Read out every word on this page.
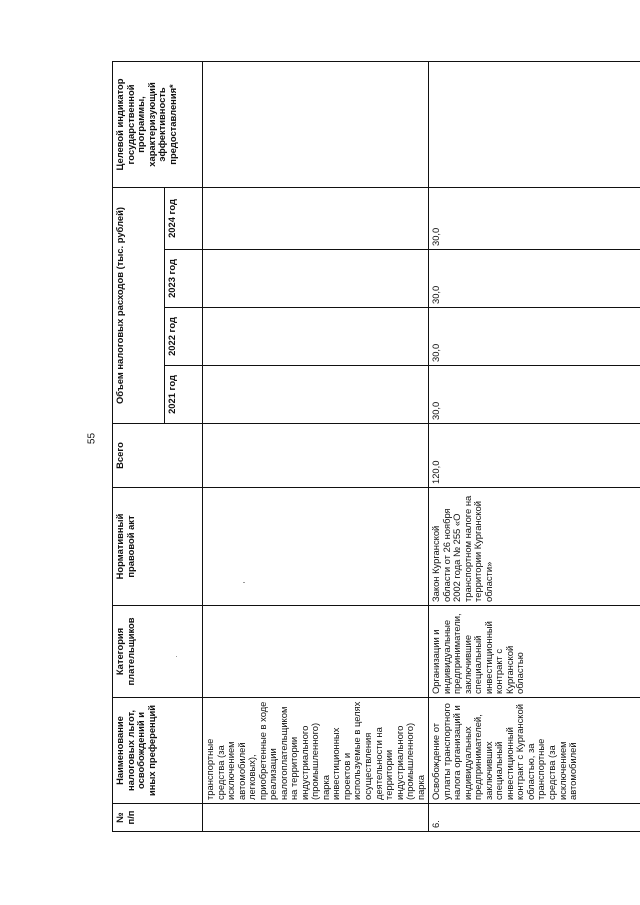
55
№
п/п	Наименование налоговых льгот, освобождений и иных преференций	Категория плательщиков	Нормативный правовой акт	Всего	Объем налоговых расходов (тыс. рублей)				Целевой индикатор государственной программы, характеризующий эффективность предоставления*
					2021 год	2022 год	2023 год	2024 год	
	транспортные средства (за исключением автомобилей легковых), приобретенные в ходе реализации налогоплательщиком на территории индустриального (промышленного) парка инвестиционных проектов и используемые в целях осуществления деятельности на территории индустриального (промышленного) парка								
6.	Освобождение от уплаты транспортного налога организаций и индивидуальных предпринимателей, заключивших специальный инвестиционный контракт с Курганской областью, за транспортные средства (за исключением автомобилей	Организации и индивидуальные предприниматели, заключившие специальный инвестиционный контракт с Курганской областью	Закон Курганской области от 26 ноября 2002 года № 255 «О транспортном налоге на территории Курганской области»	120,0	30,0	30,0	30,0	30,0	
